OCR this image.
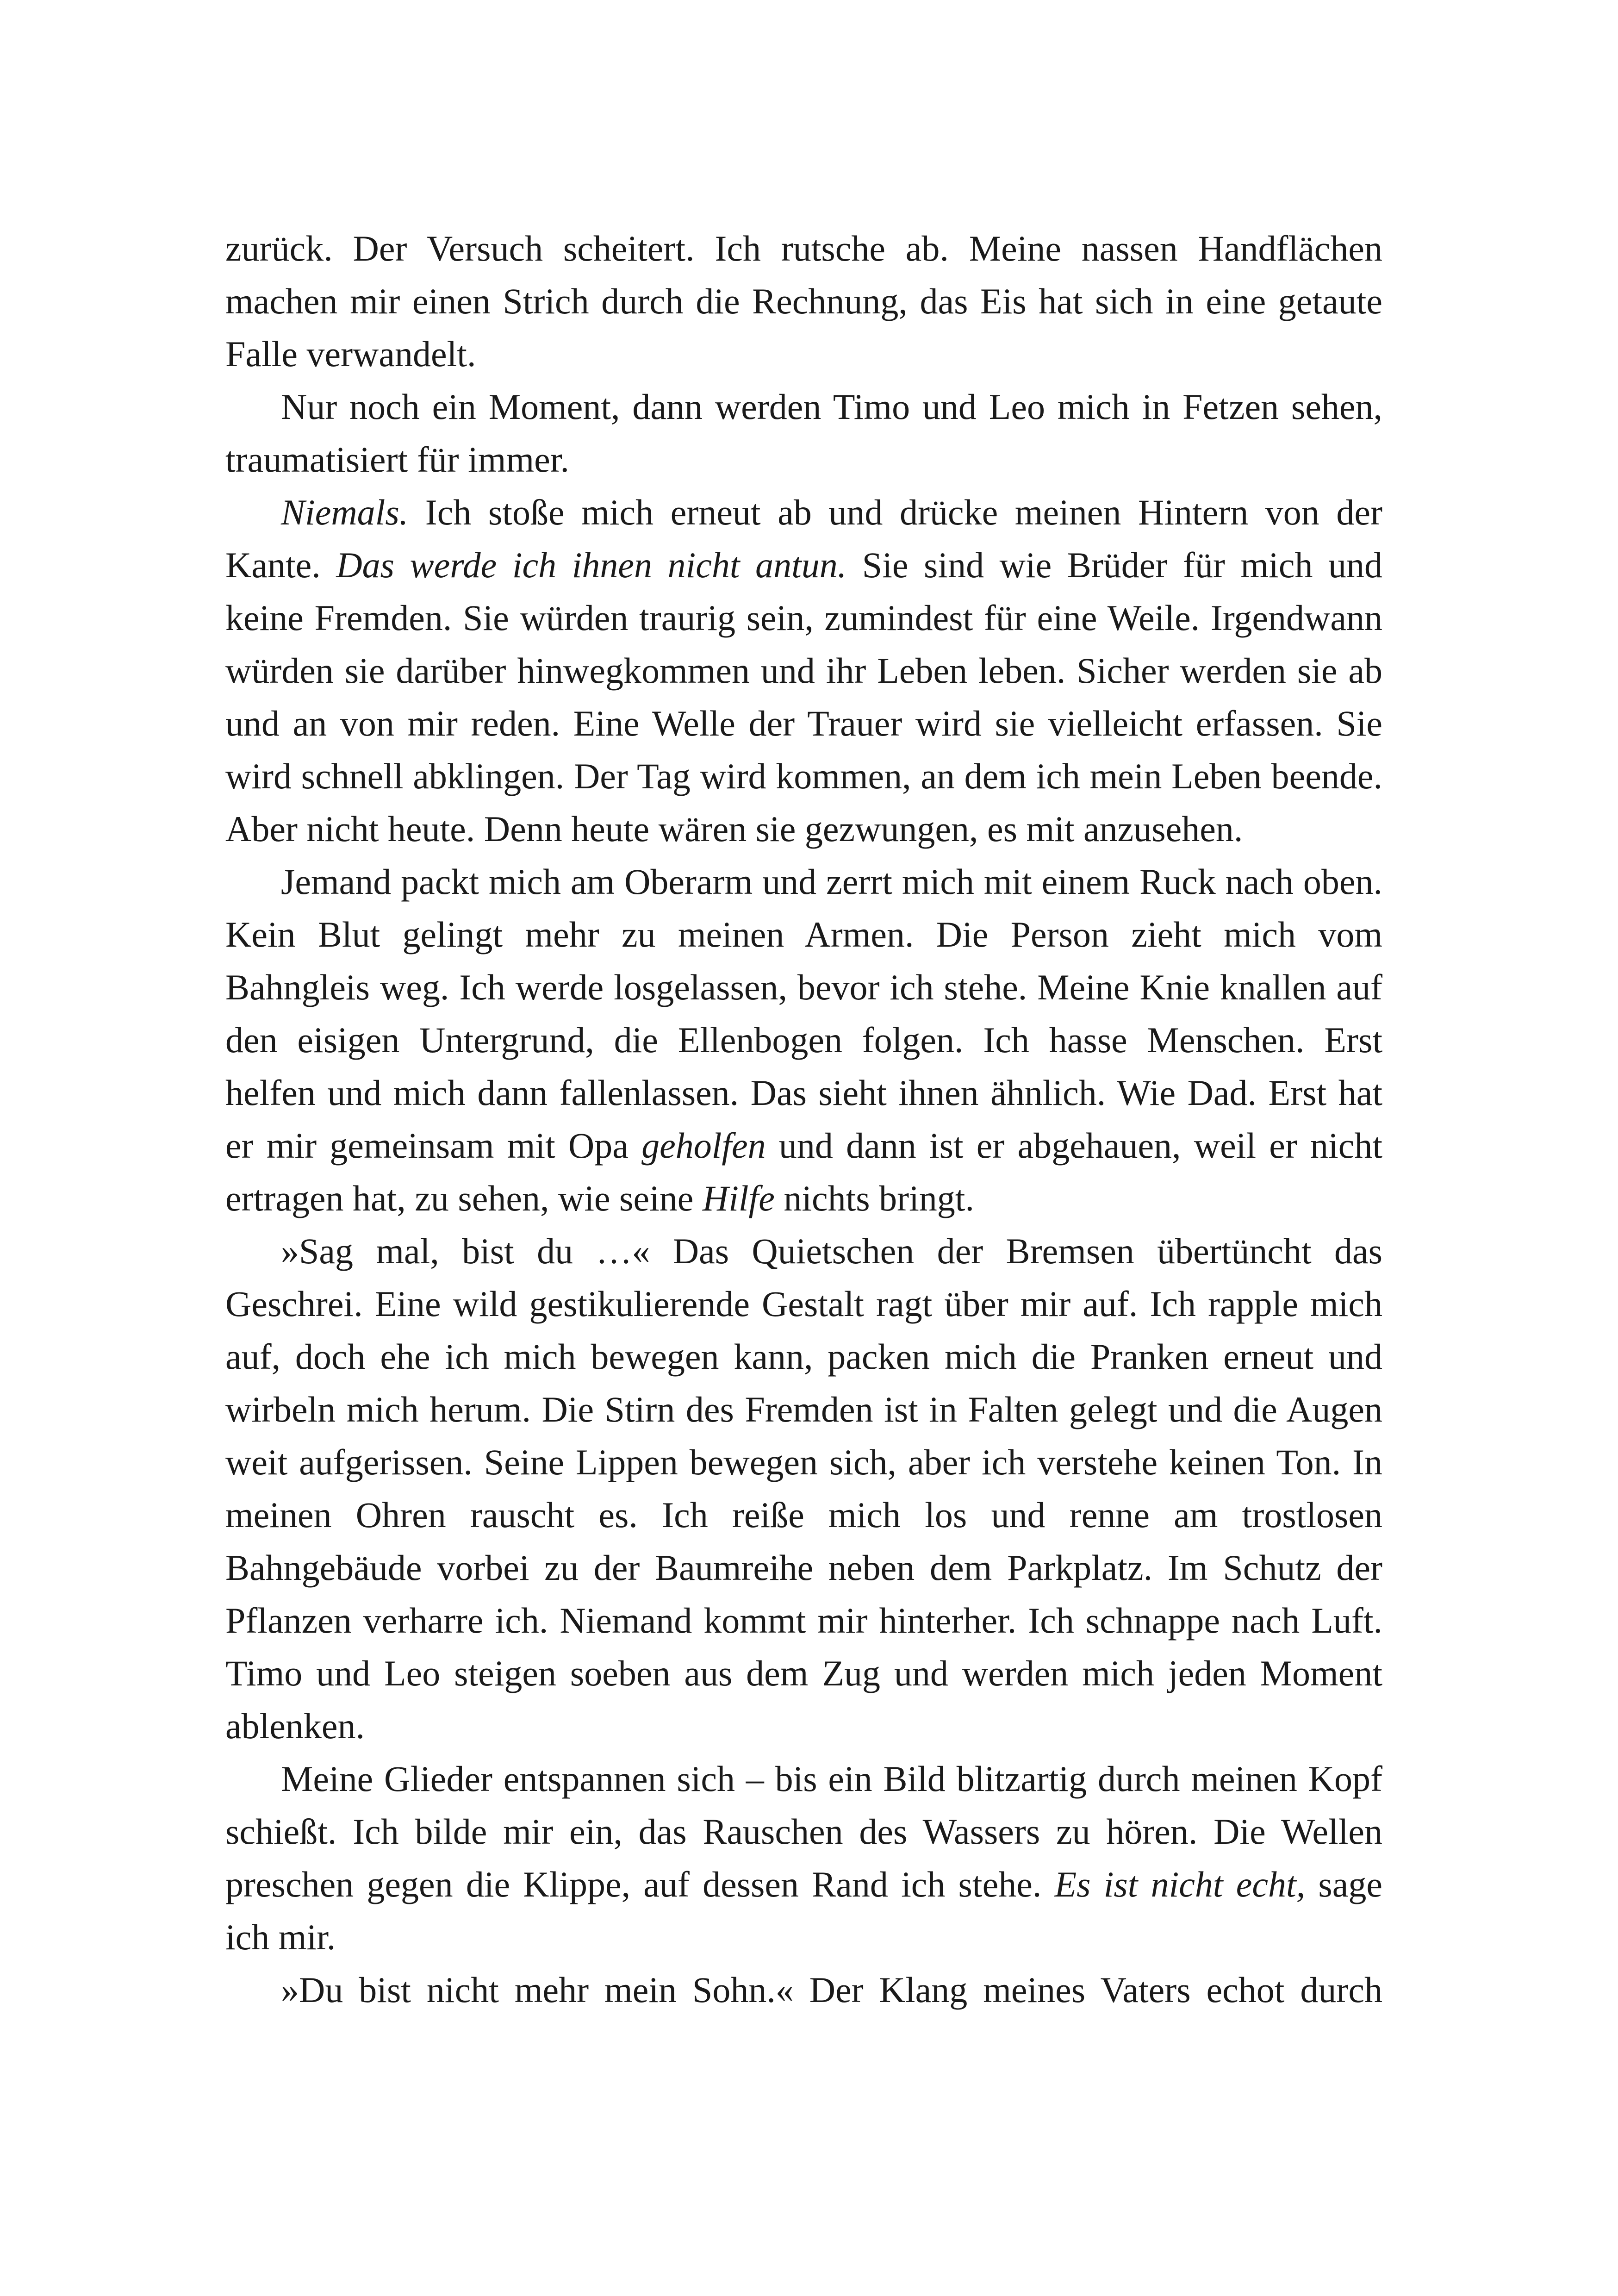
zurück. Der Versuch scheitert. Ich rutsche ab. Meine nassen Handflächen machen mir einen Strich durch die Rechnung, das Eis hat sich in eine getaute Falle verwandelt.

Nur noch ein Moment, dann werden Timo und Leo mich in Fetzen sehen, traumatisiert für immer.

Niemals. Ich stoße mich erneut ab und drücke meinen Hintern von der Kante. Das werde ich ihnen nicht antun. Sie sind wie Brüder für mich und keine Fremden. Sie würden traurig sein, zumindest für eine Weile. Irgendwann würden sie darüber hinwegkommen und ihr Leben leben. Sicher werden sie ab und an von mir reden. Eine Welle der Trauer wird sie vielleicht erfassen. Sie wird schnell abklingen. Der Tag wird kommen, an dem ich mein Leben beende. Aber nicht heute. Denn heute wären sie gezwungen, es mit anzusehen.

Jemand packt mich am Oberarm und zerrt mich mit einem Ruck nach oben. Kein Blut gelingt mehr zu meinen Armen. Die Person zieht mich vom Bahngleis weg. Ich werde losgelassen, bevor ich stehe. Meine Knie knallen auf den eisigen Untergrund, die Ellenbogen folgen. Ich hasse Menschen. Erst helfen und mich dann fallenlassen. Das sieht ihnen ähnlich. Wie Dad. Erst hat er mir gemeinsam mit Opa geholfen und dann ist er abgehauen, weil er nicht ertragen hat, zu sehen, wie seine Hilfe nichts bringt.

»Sag mal, bist du …« Das Quietschen der Bremsen übertüncht das Geschrei. Eine wild gestikulierende Gestalt ragt über mir auf. Ich rapple mich auf, doch ehe ich mich bewegen kann, packen mich die Pranken erneut und wirbeln mich herum. Die Stirn des Fremden ist in Falten gelegt und die Augen weit aufgerissen. Seine Lippen bewegen sich, aber ich verstehe keinen Ton. In meinen Ohren rauscht es. Ich reiße mich los und renne am trostlosen Bahngebäude vorbei zu der Baumreihe neben dem Parkplatz. Im Schutz der Pflanzen verharre ich. Niemand kommt mir hinterher. Ich schnappe nach Luft. Timo und Leo steigen soeben aus dem Zug und werden mich jeden Moment ablenken.

Meine Glieder entspannen sich – bis ein Bild blitzartig durch meinen Kopf schießt. Ich bilde mir ein, das Rauschen des Wassers zu hören. Die Wellen preschen gegen die Klippe, auf dessen Rand ich stehe. Es ist nicht echt, sage ich mir.

»Du bist nicht mehr mein Sohn.« Der Klang meines Vaters echot durch
